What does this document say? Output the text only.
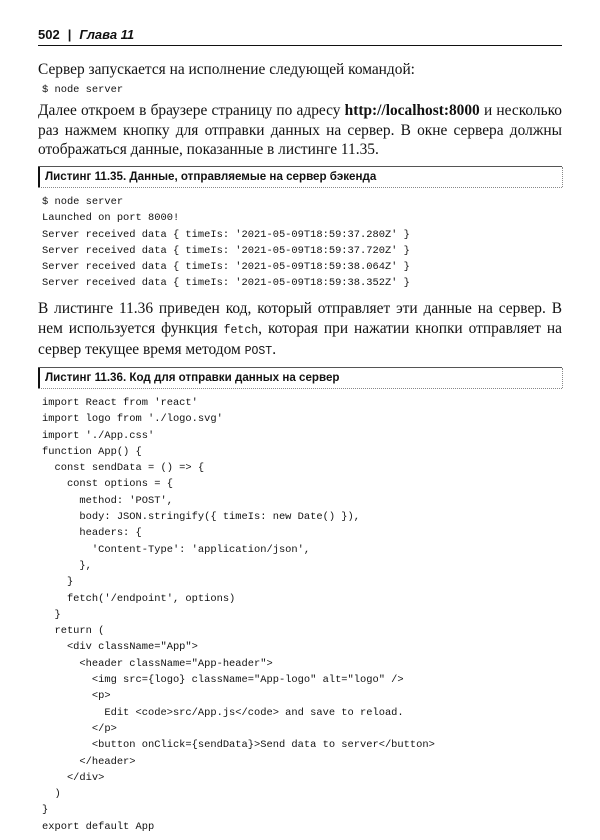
502 | Глава 11
Сервер запускается на исполнение следующей командой:
$ node server
Далее откроем в браузере страницу по адресу http://localhost:8000 и несколько раз нажмем кнопку для отправки данных на сервер. В окне сервера должны отображаться данные, показанные в листинге 11.35.
Листинг 11.35. Данные, отправляемые на сервер бэкенда
$ node server
Launched on port 8000!
Server received data { timeIs: '2021-05-09T18:59:37.280Z' }
Server received data { timeIs: '2021-05-09T18:59:37.720Z' }
Server received data { timeIs: '2021-05-09T18:59:38.064Z' }
Server received data { timeIs: '2021-05-09T18:59:38.352Z' }
В листинге 11.36 приведен код, который отправляет эти данные на сервер. В нем используется функция fetch, которая при нажатии кнопки отправляет на сервер текущее время методом POST.
Листинг 11.36. Код для отправки данных на сервер
import React from 'react'
import logo from './logo.svg'
import './App.css'
function App() {
const sendData = () => {
const options = {
method: 'POST',
body: JSON.stringify({ timeIs: new Date() }),
headers: {
'Content-Type': 'application/json',
},
}
fetch('/endpoint', options)
}
return (
<div className="App">
<header className="App-header">
<img src={logo} className="App-logo" alt="logo" />
<p>
Edit <code>src/App.js</code> and save to reload.
</p>
<button onClick={sendData}>Send data to server</button>
</header>
</div>
)
}
export default App
